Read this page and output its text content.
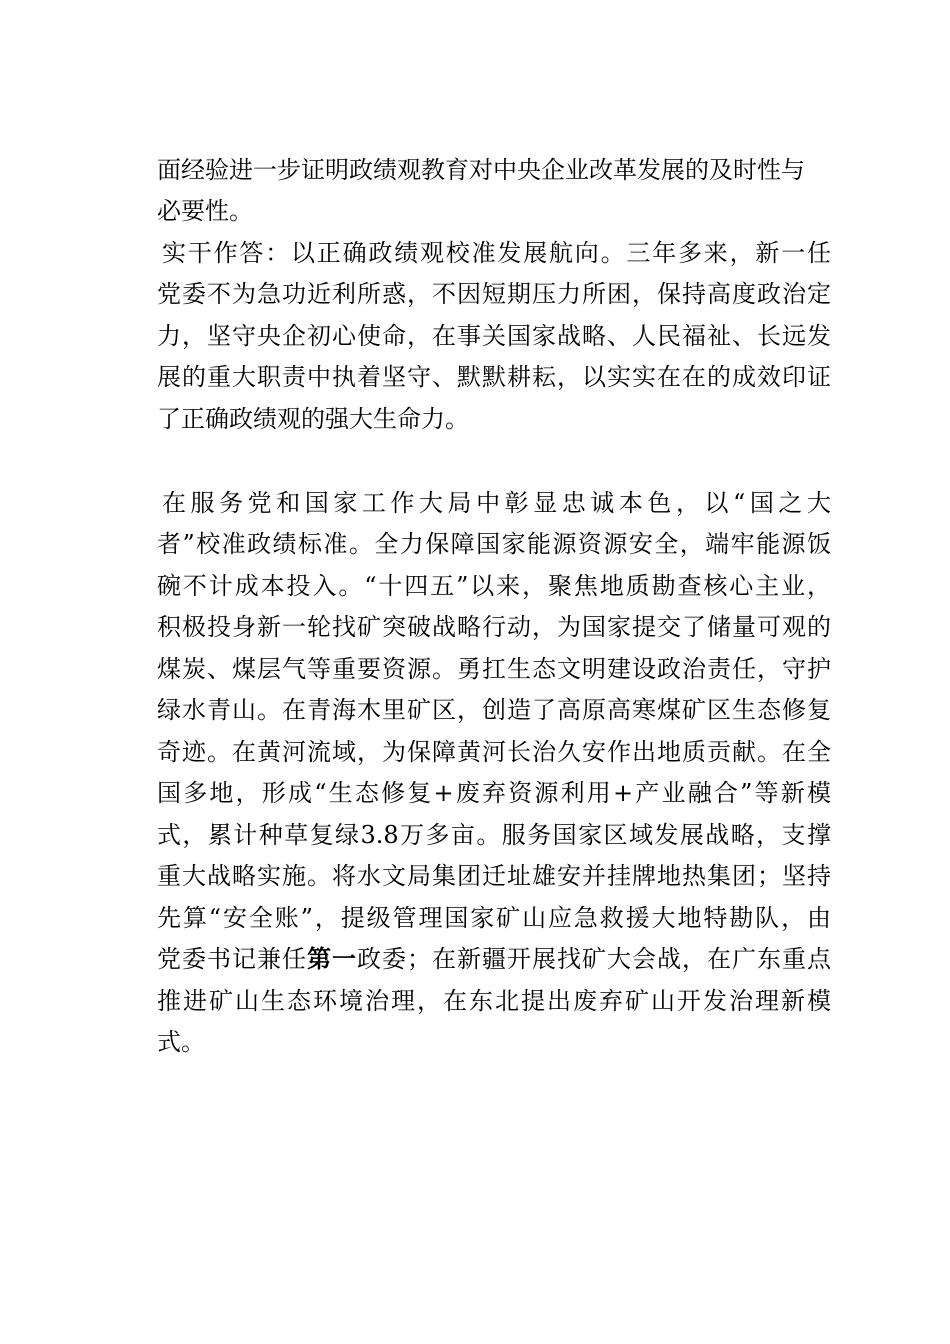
面经验进一步证明政绩观教育对中央企业改革发展的及时性与
必要性。
实干作答：以正确政绩观校准发展航向。三年多来，新一任
党委不为急功近利所惑，不因短期压力所困，保持高度政治定
力，坚守央企初心使命，在事关国家战略、人民福祉、长远发
展的重大职责中执着坚守、默默耕耘，以实实在在的成效印证
了正确政绩观的强大生命力。
在服务党和国家工作大局中彰显忠诚本色，以“国之大
者”校准政绩标准。全力保障国家能源资源安全，端牢能源饭
碗不计成本投入。“十四五”以来，聚焦地质勘查核心主业，
积极投身新一轮找矿突破战略行动，为国家提交了储量可观的
煤炭、煤层气等重要资源。勇扛生态文明建设政治责任，守护
绿水青山。在青海木里矿区，创造了高原高寒煤矿区生态修复
奇迹。在黄河流域，为保障黄河长治久安作出地质贡献。在全
国多地，形成“生态修复+废弃资源利用+产业融合”等新模
式，累计种草复绿3.8万多亩。服务国家区域发展战略，支撑
重大战略实施。将水文局集团迁址雄安并挂牌地热集团；坚持
先算“安全账”，提级管理国家矿山应急救援大地特勘队，由
党委书记兼任第一政委；在新疆开展找矿大会战，在广东重点
推进矿山生态环境治理，在东北提出废弃矿山开发治理新模
式。
